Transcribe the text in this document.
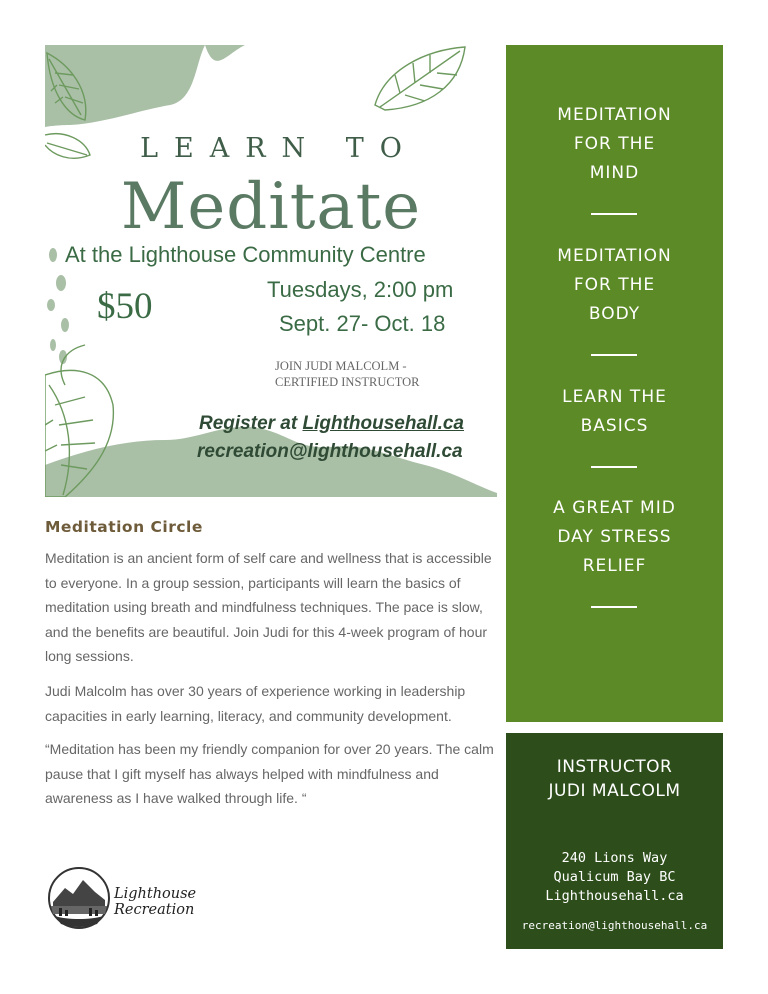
LEARN TO
Meditate
At the Lighthouse Community Centre
$50	Tuesdays, 2:00 pm
Sept. 27- Oct. 18
JOIN JUDI MALCOLM -
CERTIFIED INSTRUCTOR
Register at Lighthousehall.ca
recreation@lighthousehall.ca
MEDITATION
FOR THE
MIND
MEDITATION
FOR THE
BODY
LEARN THE
BASICS
A GREAT MID
DAY STRESS
RELIEF
INSTRUCTOR
JUDI MALCOLM
240 Lions Way
Qualicum Bay BC
Lighthousehall.ca
recreation@lighthousehall.ca
Meditation Circle
Meditation is an ancient form of self care and wellness that is accessible to everyone. In a group session, participants will learn the basics of meditation using breath and mindfulness techniques. The pace is slow, and the benefits are beautiful. Join Judi for this 4-week program of hour long sessions.
Judi Malcolm has over 30 years of experience working in leadership capacities in early learning, literacy, and community development.
“Meditation has been my friendly companion for over 20 years. The calm pause that I gift myself has always helped with mindfulness and awareness as I have walked through life. “
Lighthouse Recreation
